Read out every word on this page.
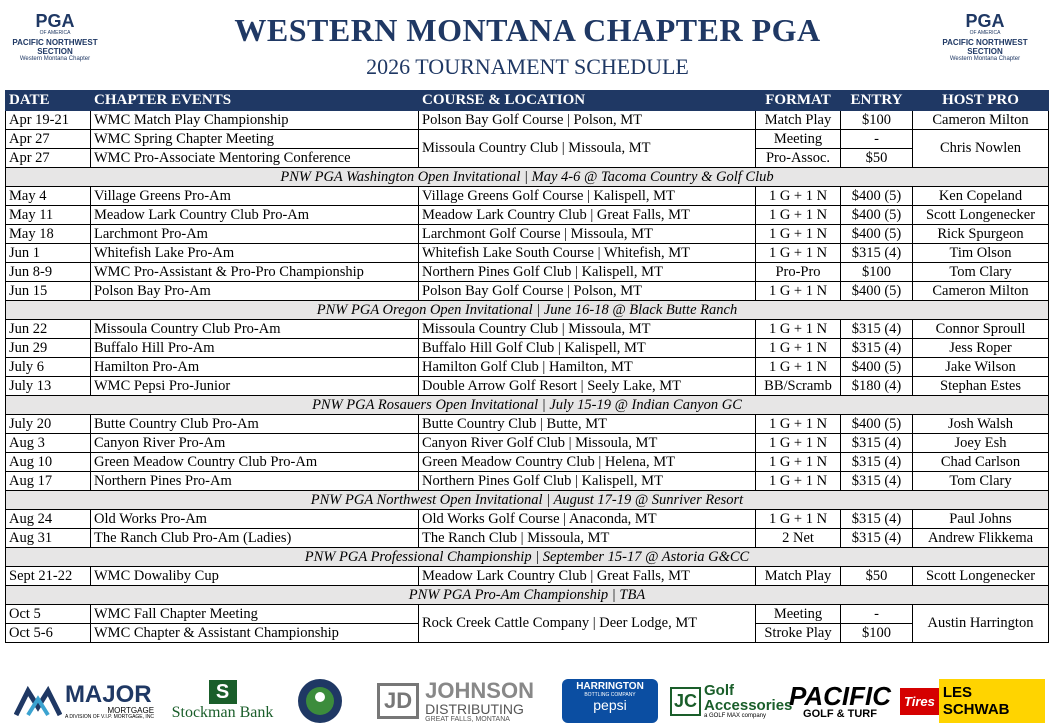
PGA
OF AMERICA
PACIFIC NORTHWEST SECTION
Western Montana Chapter
WESTERN MONTANA CHAPTER PGA
2026 TOURNAMENT SCHEDULE
PGA
OF AMERICA
PACIFIC NORTHWEST SECTION
Western Montana Chapter
DATE	CHAPTER EVENTS	COURSE & LOCATION	FORMAT	ENTRY	HOST PRO
Apr 19-21	WMC Match Play Championship	Polson Bay Golf Course | Polson, MT	Match Play	$100	Cameron Milton
Apr 27	WMC Spring Chapter Meeting	Missoula Country Club | Missoula, MT	Meeting	-	Chris Nowlen
Apr 27	WMC Pro-Associate Mentoring Conference		Pro-Assoc.	$50	
PNW PGA Washington Open Invitational | May 4-6 @ Tacoma Country & Golf Club					
May 4	Village Greens Pro-Am	Village Greens Golf Course | Kalispell, MT	1 G + 1 N	$400 (5)	Ken Copeland
May 11	Meadow Lark Country Club Pro-Am	Meadow Lark Country Club | Great Falls, MT	1 G + 1 N	$400 (5)	Scott Longenecker
May 18	Larchmont Pro-Am	Larchmont Golf Course | Missoula, MT	1 G + 1 N	$400 (5)	Rick Spurgeon
Jun 1	Whitefish Lake Pro-Am	Whitefish Lake South Course | Whitefish, MT	1 G + 1 N	$315 (4)	Tim Olson
Jun 8-9	WMC Pro-Assistant & Pro-Pro Championship	Northern Pines Golf Club | Kalispell, MT	Pro-Pro	$100	Tom Clary
Jun 15	Polson Bay Pro-Am	Polson Bay Golf Course | Polson, MT	1 G + 1 N	$400 (5)	Cameron Milton
PNW PGA Oregon Open Invitational | June 16-18 @ Black Butte Ranch					
Jun 22	Missoula Country Club Pro-Am	Missoula Country Club | Missoula, MT	1 G + 1 N	$315 (4)	Connor Sproull
Jun 29	Buffalo Hill Pro-Am	Buffalo Hill Golf Club | Kalispell, MT	1 G + 1 N	$315 (4)	Jess Roper
July 6	Hamilton Pro-Am	Hamilton Golf Club | Hamilton, MT	1 G + 1 N	$400 (5)	Jake Wilson
July 13	WMC Pepsi Pro-Junior	Double Arrow Golf Resort | Seely Lake, MT	BB/Scramb	$180 (4)	Stephan Estes
PNW PGA Rosauers Open Invitational | July 15-19 @ Indian Canyon GC					
July 20	Butte Country Club Pro-Am	Butte Country Club | Butte, MT	1 G + 1 N	$400 (5)	Josh Walsh
Aug 3	Canyon River Pro-Am	Canyon River Golf Club | Missoula, MT	1 G + 1 N	$315 (4)	Joey Esh
Aug 10	Green Meadow Country Club Pro-Am	Green Meadow Country Club | Helena, MT	1 G + 1 N	$315 (4)	Chad Carlson
Aug 17	Northern Pines Pro-Am	Northern Pines Golf Club | Kalispell, MT	1 G + 1 N	$315 (4)	Tom Clary
PNW PGA Northwest Open Invitational | August 17-19 @ Sunriver Resort					
Aug 24	Old Works Pro-Am	Old Works Golf Course | Anaconda, MT	1 G + 1 N	$315 (4)	Paul Johns
Aug 31	The Ranch Club Pro-Am (Ladies)	The Ranch Club | Missoula, MT	2 Net	$315 (4)	Andrew Flikkema
PNW PGA Professional Championship | September 15-17 @ Astoria G&CC					
Sept 21-22	WMC Dowaliby Cup	Meadow Lark Country Club | Great Falls, MT	Match Play	$50	Scott Longenecker
PNW PGA Pro-Am Championship | TBA					
Oct 5	WMC Fall Chapter Meeting	Rock Creek Cattle Company | Deer Lodge, MT	Meeting	-	Austin Harrington
Oct 5-6	WMC Chapter & Assistant Championship		Stroke Play	$100	
MAJOR
MORTGAGE
A DIVISION OF V.I.P. MORTGAGE, INC
S
Stockman Bank	JD JOHNSON
DISTRIBUTING
GREAT FALLS, MONTANA
HARRINGTON
BOTTLING COMPANY
pepsi	JC Golf Accessories
a GOLF MAX company
PACIFIC
GOLF & TURF
Tires LES SCHWAB
